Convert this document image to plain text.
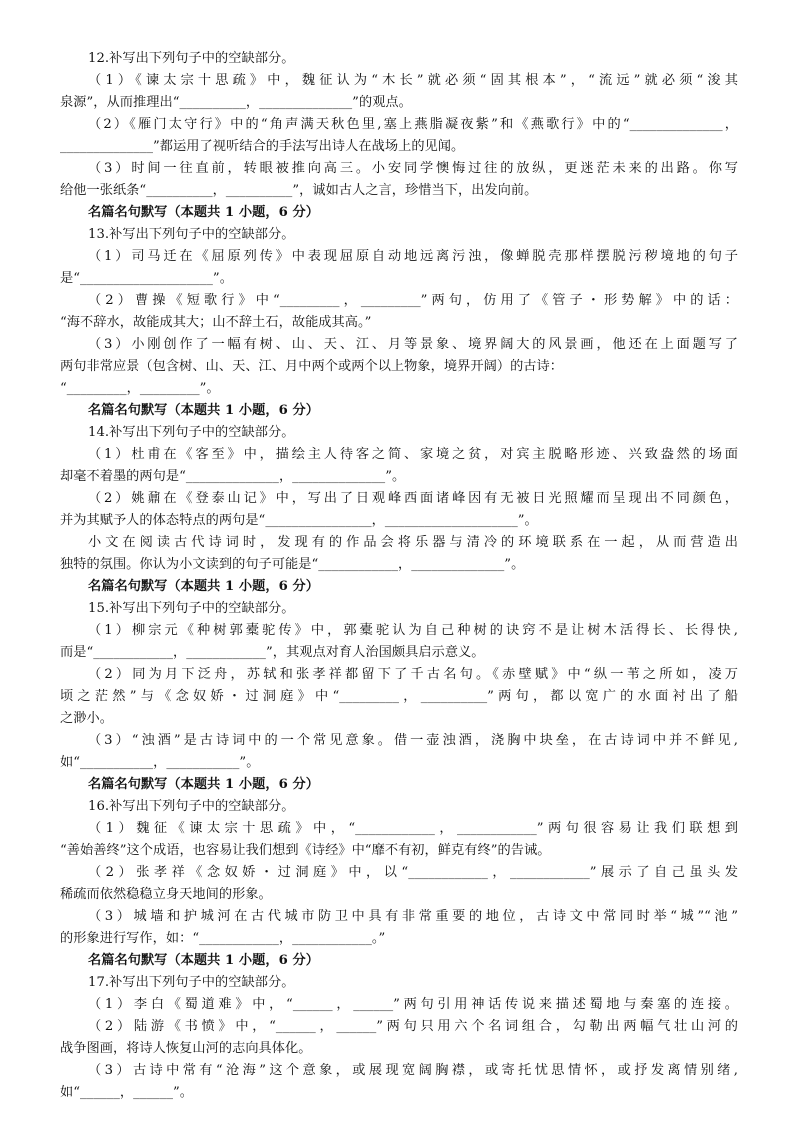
12.补写出下列句子中的空缺部分。
（1）《谏太宗十思疏》中，魏征认为“木长”就必须“固其根本”，“流远”就必须“浚其
泉源”，从而推理出“__________，______________”的观点。
（2）《雁门太守行》中的“角声满天秋色里,塞上燕脂凝夜紫”和《燕歌行》中的“______________，
______________”都运用了视听结合的手法写出诗人在战场上的见闻。
（3）时间一往直前，转眼被推向高三。小安同学懊悔过往的放纵，更迷茫未来的出路。你写
给他一张纸条“__________，__________”，诚如古人之言，珍惜当下，出发向前。
名篇名句默写（本题共 1 小题，6 分）
13.补写出下列句子中的空缺部分。
（1）司马迁在《屈原列传》中表现屈原自动地远离污浊，像蝉脱壳那样摆脱污秽境地的句子
是“____________________”。
（2）曹操《短歌行》中“_________，_________”两句，仿用了《管子・形势解》中的话：
“海不辞水，故能成其大；山不辞土石，故能成其高。”
（3）小刚创作了一幅有树、山、天、江、月等景象、境界阔大的风景画，他还在上面题写了
两句非常应景（包含树、山、天、江、月中两个或两个以上物象，境界开阔）的古诗：
“_________，_________”。
名篇名句默写（本题共 1 小题，6 分）
14.补写出下列句子中的空缺部分。
（1）杜甫在《客至》中，描绘主人待客之简、家境之贫，对宾主脱略形迹、兴致盎然的场面
却毫不着墨的两句是“______________，______________”。
（2）姚鼐在《登泰山记》中，写出了日观峰西面诸峰因有无被日光照耀而呈现出不同颜色，
并为其赋予人的体态特点的两句是“________________，____________________”。
小文在阅读古代诗词时，发现有的作品会将乐器与清冷的环境联系在一起，从而营造出
独特的氛围。你认为小文读到的句子可能是“____________，______________”。
名篇名句默写（本题共 1 小题，6 分）
15.补写出下列句子中的空缺部分。
（1）柳宗元《种树郭橐驼传》中，郭橐驼认为自己种树的诀窍不是让树木活得长、长得快,
而是“____________，____________”，其观点对育人治国颇具启示意义。
（2）同为月下泛舟，苏轼和张孝祥都留下了千古名句。《赤壁赋》中“纵一苇之所如，凌万
顷之茫然”与《念奴娇・过洞庭》中“_________，__________”两句，都以宽广的水面衬出了船
之渺小。
（3）“浊酒”是古诗词中的一个常见意象。借一壶浊酒，浇胸中块垒，在古诗词中并不鲜见,
如“___________，___________”。
名篇名句默写（本题共 1 小题，6 分）
16.补写出下列句子中的空缺部分。
（1）魏征《谏太宗十思疏》中，“____________，____________”两句很容易让我们联想到
“善始善终”这个成语，也容易让我们想到《诗经》中“靡不有初，鲜克有终”的告诫。
（2）张孝祥《念奴娇・过洞庭》中，以“____________，____________”展示了自己虽头发
稀疏而依然稳稳立身天地间的形象。
（3）城墙和护城河在古代城市防卫中具有非常重要的地位，古诗文中常同时举“城”“池”
的形象进行写作，如：“____________，____________。”
名篇名句默写（本题共 1 小题，6 分）
17.补写出下列句子中的空缺部分。
（1）李白《蜀道难》中，“______，______”两句引用神话传说来描述蜀地与秦塞的连接。
（2）陆游《书愤》中，“______，______”两句只用六个名词组合，勾勒出两幅气壮山河的
战争图画，将诗人恢复山河的志向具体化。
（3）古诗中常有“沧海”这个意象，或展现宽阔胸襟，或寄托忧思情怀，或抒发离情别绪,
如“______，______”。
